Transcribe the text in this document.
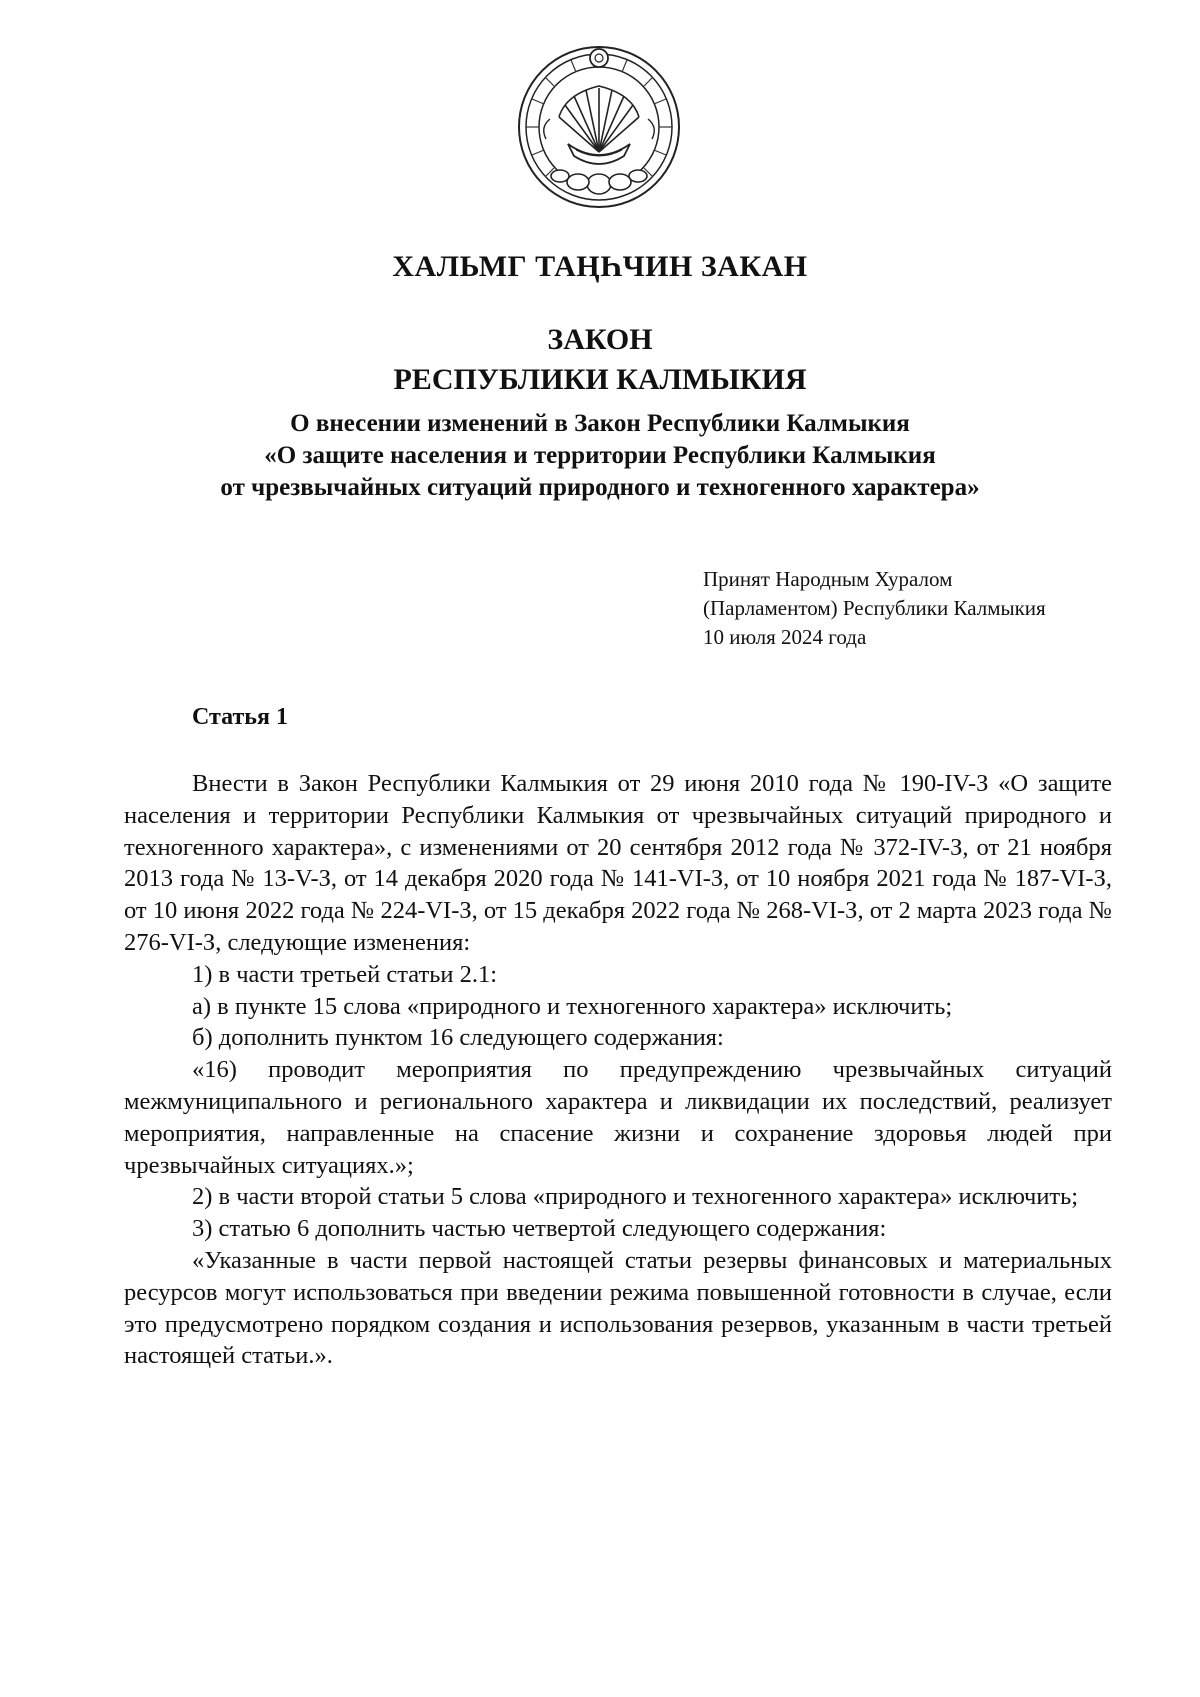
ХАЛЬМГ ТАҢҺЧИН ЗАКАН
ЗАКОН
РЕСПУБЛИКИ КАЛМЫКИЯ
О внесении изменений в Закон Республики Калмыкия
«О защите населения и территории Республики Калмыкия
от чрезвычайных ситуаций природного и техногенного характера»
Принят Народным Хуралом
(Парламентом) Республики Калмыкия
10 июля 2024 года
Статья 1

Внести в Закон Республики Калмыкия от 29 июня 2010 года № 190-IV-З «О защите населения и территории Республики Калмыкия от чрезвычайных ситуаций природного и техногенного характера», с изменениями от 20 сентября 2012 года № 372-IV-З, от 21 ноября 2013 года № 13-V-З, от 14 декабря 2020 года № 141-VI-З, от 10 ноября 2021 года № 187-VI-З, от 10 июня 2022 года № 224-VI-З, от 15 декабря 2022 года № 268-VI-З, от 2 марта 2023 года № 276-VI-З, следующие изменения:

1) в части третьей статьи 2.1:

а) в пункте 15 слова «природного и техногенного характера» исключить;

б) дополнить пунктом 16 следующего содержания:

«16) проводит мероприятия по предупреждению чрезвычайных ситуаций межмуниципального и регионального характера и ликвидации их последствий, реализует мероприятия, направленные на спасение жизни и сохранение здоровья людей при чрезвычайных ситуациях.»;

2) в части второй статьи 5 слова «природного и техногенного характера» исключить;

3) статью 6 дополнить частью четвертой следующего содержания:

«Указанные в части первой настоящей статьи резервы финансовых и материальных ресурсов могут использоваться при введении режима повышенной готовности в случае, если это предусмотрено порядком создания и использования резервов, указанным в части третьей настоящей статьи.».
